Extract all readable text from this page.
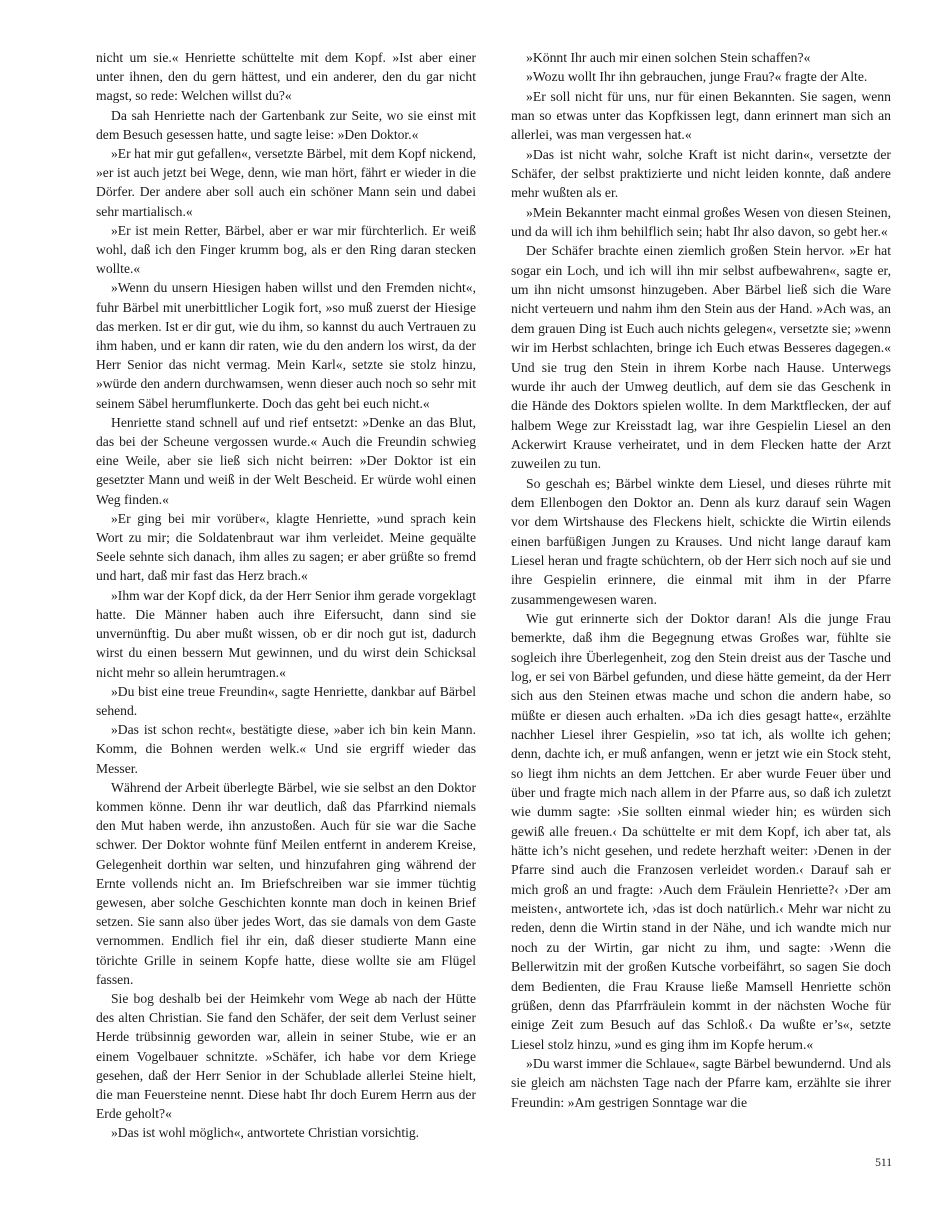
nicht um sie.« Henriette schüttelte mit dem Kopf. »Ist aber einer unter ihnen, den du gern hättest, und ein anderer, den du gar nicht magst, so rede: Welchen willst du?«

Da sah Henriette nach der Gartenbank zur Seite, wo sie einst mit dem Besuch gesessen hatte, und sagte leise: »Den Doktor.«

»Er hat mir gut gefallen«, versetzte Bärbel, mit dem Kopf nickend, »er ist auch jetzt bei Wege, denn, wie man hört, fährt er wieder in die Dörfer. Der andere aber soll auch ein schöner Mann sein und dabei sehr martialisch.«

»Er ist mein Retter, Bärbel, aber er war mir fürchterlich. Er weiß wohl, daß ich den Finger krumm bog, als er den Ring daran stecken wollte.«

»Wenn du unsern Hiesigen haben willst und den Fremden nicht«, fuhr Bärbel mit unerbittlicher Logik fort, »so muß zuerst der Hiesige das merken. Ist er dir gut, wie du ihm, so kannst du auch Vertrauen zu ihm haben, und er kann dir raten, wie du den andern los wirst, da der Herr Senior das nicht vermag. Mein Karl«, setzte sie stolz hinzu, »würde den andern durchwamsen, wenn dieser auch noch so sehr mit seinem Säbel herumflunkerte. Doch das geht bei euch nicht.«

Henriette stand schnell auf und rief entsetzt: »Denke an das Blut, das bei der Scheune vergossen wurde.« Auch die Freundin schwieg eine Weile, aber sie ließ sich nicht beirren: »Der Doktor ist ein gesetzter Mann und weiß in der Welt Bescheid. Er würde wohl einen Weg finden.«

»Er ging bei mir vorüber«, klagte Henriette, »und sprach kein Wort zu mir; die Soldatenbraut war ihm verleidet. Meine gequälte Seele sehnte sich danach, ihm alles zu sagen; er aber grüßte so fremd und hart, daß mir fast das Herz brach.«

»Ihm war der Kopf dick, da der Herr Senior ihm gerade vorgeklagt hatte. Die Männer haben auch ihre Eifersucht, dann sind sie unvernünftig. Du aber mußt wissen, ob er dir noch gut ist, dadurch wirst du einen bessern Mut gewinnen, und du wirst dein Schicksal nicht mehr so allein herumtragen.«

»Du bist eine treue Freundin«, sagte Henriette, dankbar auf Bärbel sehend.

»Das ist schon recht«, bestätigte diese, »aber ich bin kein Mann. Komm, die Bohnen werden welk.« Und sie ergriff wieder das Messer.

Während der Arbeit überlegte Bärbel, wie sie selbst an den Doktor kommen könne. Denn ihr war deutlich, daß das Pfarrkind niemals den Mut haben werde, ihn anzustoßen. Auch für sie war die Sache schwer. Der Doktor wohnte fünf Meilen entfernt in anderem Kreise, Gelegenheit dorthin war selten, und hinzufahren ging während der Ernte vollends nicht an. Im Briefschreiben war sie immer tüchtig gewesen, aber solche Geschichten konnte man doch in keinen Brief setzen. Sie sann also über jedes Wort, das sie damals von dem Gaste vernommen. Endlich fiel ihr ein, daß dieser studierte Mann eine törichte Grille in seinem Kopfe hatte, diese wollte sie am Flügel fassen.

Sie bog deshalb bei der Heimkehr vom Wege ab nach der Hütte des alten Christian. Sie fand den Schäfer, der seit dem Verlust seiner Herde trübsinnig geworden war, allein in seiner Stube, wie er an einem Vogelbauer schnitzte. »Schäfer, ich habe vor dem Kriege gesehen, daß der Herr Senior in der Schublade allerlei Steine hielt, die man Feuersteine nennt. Diese habt Ihr doch Eurem Herrn aus der Erde geholt?«

»Das ist wohl möglich«, antwortete Christian vorsichtig.

»Könnt Ihr auch mir einen solchen Stein schaffen?«

»Wozu wollt Ihr ihn gebrauchen, junge Frau?« fragte der Alte.

»Er soll nicht für uns, nur für einen Bekannten. Sie sagen, wenn man so etwas unter das Kopfkissen legt, dann erinnert man sich an allerlei, was man vergessen hat.«

»Das ist nicht wahr, solche Kraft ist nicht darin«, versetzte der Schäfer, der selbst praktizierte und nicht leiden konnte, daß andere mehr wußten als er.

»Mein Bekannter macht einmal großes Wesen von diesen Steinen, und da will ich ihm behilflich sein; habt Ihr also davon, so gebt her.«

Der Schäfer brachte einen ziemlich großen Stein hervor. »Er hat sogar ein Loch, und ich will ihn mir selbst aufbewahren«, sagte er, um ihn nicht umsonst hinzugeben. Aber Bärbel ließ sich die Ware nicht verteuern und nahm ihm den Stein aus der Hand. »Ach was, an dem grauen Ding ist Euch auch nichts gelegen«, versetzte sie; »wenn wir im Herbst schlachten, bringe ich Euch etwas Besseres dagegen.« Und sie trug den Stein in ihrem Korbe nach Hause. Unterwegs wurde ihr auch der Umweg deutlich, auf dem sie das Geschenk in die Hände des Doktors spielen wollte. In dem Marktflecken, der auf halbem Wege zur Kreisstadt lag, war ihre Gespielin Liesel an den Ackerwirt Krause verheiratet, und in dem Flecken hatte der Arzt zuweilen zu tun.

So geschah es; Bärbel winkte dem Liesel, und dieses rührte mit dem Ellenbogen den Doktor an. Denn als kurz darauf sein Wagen vor dem Wirtshause des Fleckens hielt, schickte die Wirtin eilends einen barfüßigen Jungen zu Krauses. Und nicht lange darauf kam Liesel heran und fragte schüchtern, ob der Herr sich noch auf sie und ihre Gespielin erinnere, die einmal mit ihm in der Pfarre zusammengewesen waren.

Wie gut erinnerte sich der Doktor daran! Als die junge Frau bemerkte, daß ihm die Begegnung etwas Großes war, fühlte sie sogleich ihre Überlegenheit, zog den Stein dreist aus der Tasche und log, er sei von Bärbel gefunden, und diese hätte gemeint, da der Herr sich aus den Steinen etwas mache und schon die andern habe, so müßte er diesen auch erhalten. »Da ich dies gesagt hatte«, erzählte nachher Liesel ihrer Gespielin, »so tat ich, als wollte ich gehen; denn, dachte ich, er muß anfangen, wenn er jetzt wie ein Stock steht, so liegt ihm nichts an dem Jettchen. Er aber wurde Feuer über und über und fragte mich nach allem in der Pfarre aus, so daß ich zuletzt wie dumm sagte: ›Sie sollten einmal wieder hin; es würden sich gewiß alle freuen.‹ Da schüttelte er mit dem Kopf, ich aber tat, als hätte ich’s nicht gesehen, und redete herzhaft weiter: ›Denen in der Pfarre sind auch die Franzosen verleidet worden.‹ Darauf sah er mich groß an und fragte: ›Auch dem Fräulein Henriette?‹ ›Der am meisten‹, antwortete ich, ›das ist doch natürlich.‹ Mehr war nicht zu reden, denn die Wirtin stand in der Nähe, und ich wandte mich nur noch zu der Wirtin, gar nicht zu ihm, und sagte: ›Wenn die Bellerwitzin mit der großen Kutsche vorbeifährt, so sagen Sie doch dem Bedienten, die Frau Krause ließe Mamsell Henriette schön grüßen, denn das Pfarrfräulein kommt in der nächsten Woche für einige Zeit zum Besuch auf das Schloß.‹ Da wußte er’s«, setzte Liesel stolz hinzu, »und es ging ihm im Kopfe herum.«

»Du warst immer die Schlaue«, sagte Bärbel bewundernd. Und als sie gleich am nächsten Tage nach der Pfarre kam, erzählte sie ihrer Freundin: »Am gestrigen Sonntage war die

511
